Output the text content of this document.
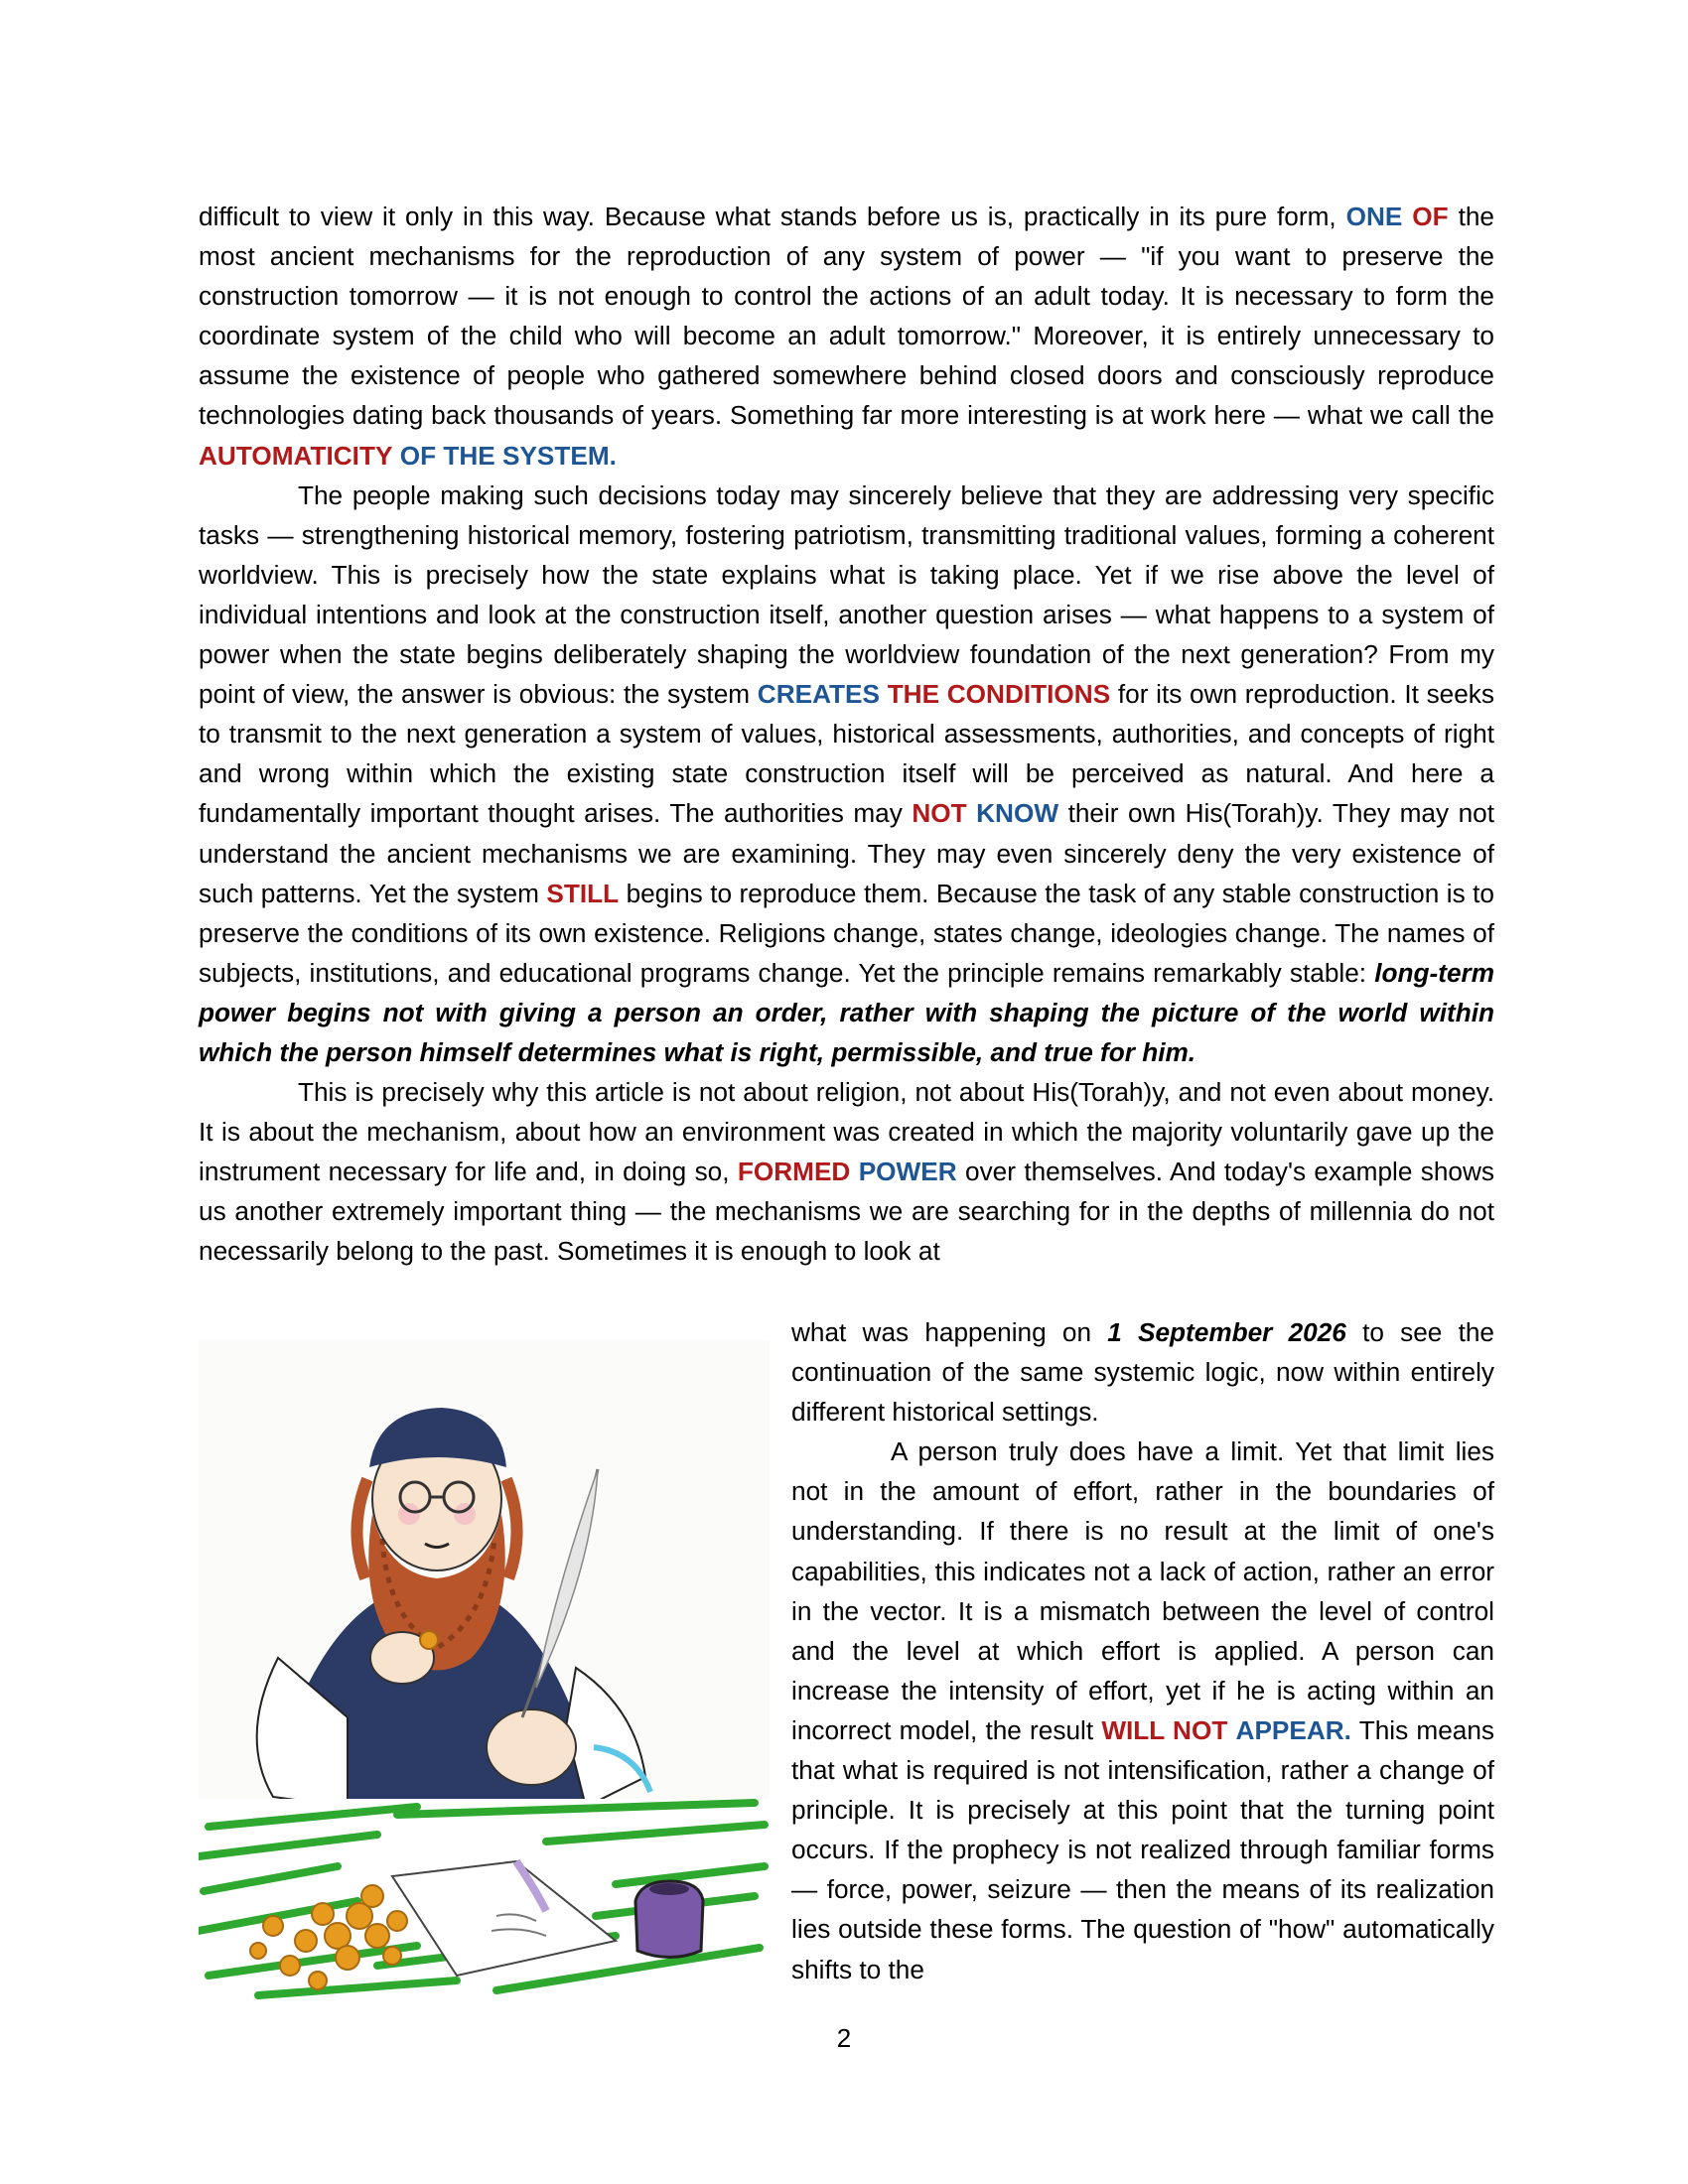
difficult to view it only in this way. Because what stands before us is, practically in its pure form, ONE OF the most ancient mechanisms for the reproduction of any system of power — "if you want to preserve the construction tomorrow — it is not enough to control the actions of an adult today. It is necessary to form the coordinate system of the child who will become an adult tomorrow." Moreover, it is entirely unnecessary to assume the existence of people who gathered somewhere behind closed doors and consciously reproduce technologies dating back thousands of years. Something far more interesting is at work here — what we call the AUTOMATICITY OF THE SYSTEM.

The people making such decisions today may sincerely believe that they are addressing very specific tasks — strengthening historical memory, fostering patriotism, transmitting traditional values, forming a coherent worldview. This is precisely how the state explains what is taking place. Yet if we rise above the level of individual intentions and look at the construction itself, another question arises — what happens to a system of power when the state begins deliberately shaping the worldview foundation of the next generation? From my point of view, the answer is obvious: the system CREATES THE CONDITIONS for its own reproduction. It seeks to transmit to the next generation a system of values, historical assessments, authorities, and concepts of right and wrong within which the existing state construction itself will be perceived as natural. And here a fundamentally important thought arises. The authorities may NOT KNOW their own His(Torah)y. They may not understand the ancient mechanisms we are examining. They may even sincerely deny the very existence of such patterns. Yet the system STILL begins to reproduce them. Because the task of any stable construction is to preserve the conditions of its own existence. Religions change, states change, ideologies change. The names of subjects, institutions, and educational programs change. Yet the principle remains remarkably stable: long-term power begins not with giving a person an order, rather with shaping the picture of the world within which the person himself determines what is right, permissible, and true for him.

This is precisely why this article is not about religion, not about His(Torah)y, and not even about money. It is about the mechanism, about how an environment was created in which the majority voluntarily gave up the instrument necessary for life and, in doing so, FORMED POWER over themselves. And today's example shows us another extremely important thing — the mechanisms we are searching for in the depths of millennia do not necessarily belong to the past. Sometimes it is enough to look at

what was happening on 1 September 2026 to see the continuation of the same systemic logic, now within entirely different historical settings.

A person truly does have a limit. Yet that limit lies not in the amount of effort, rather in the boundaries of understanding. If there is no result at the limit of one's capabilities, this indicates not a lack of action, rather an error in the vector. It is a mismatch between the level of control and the level at which effort is applied. A person can increase the intensity of effort, yet if he is acting within an incorrect model, the result WILL NOT APPEAR. This means that what is required is not intensification, rather a change of principle. It is precisely at this point that the turning point occurs. If the prophecy is not realized through familiar forms — force, power, seizure — then the means of its realization lies outside these forms. The question of "how" automatically shifts to the

2
